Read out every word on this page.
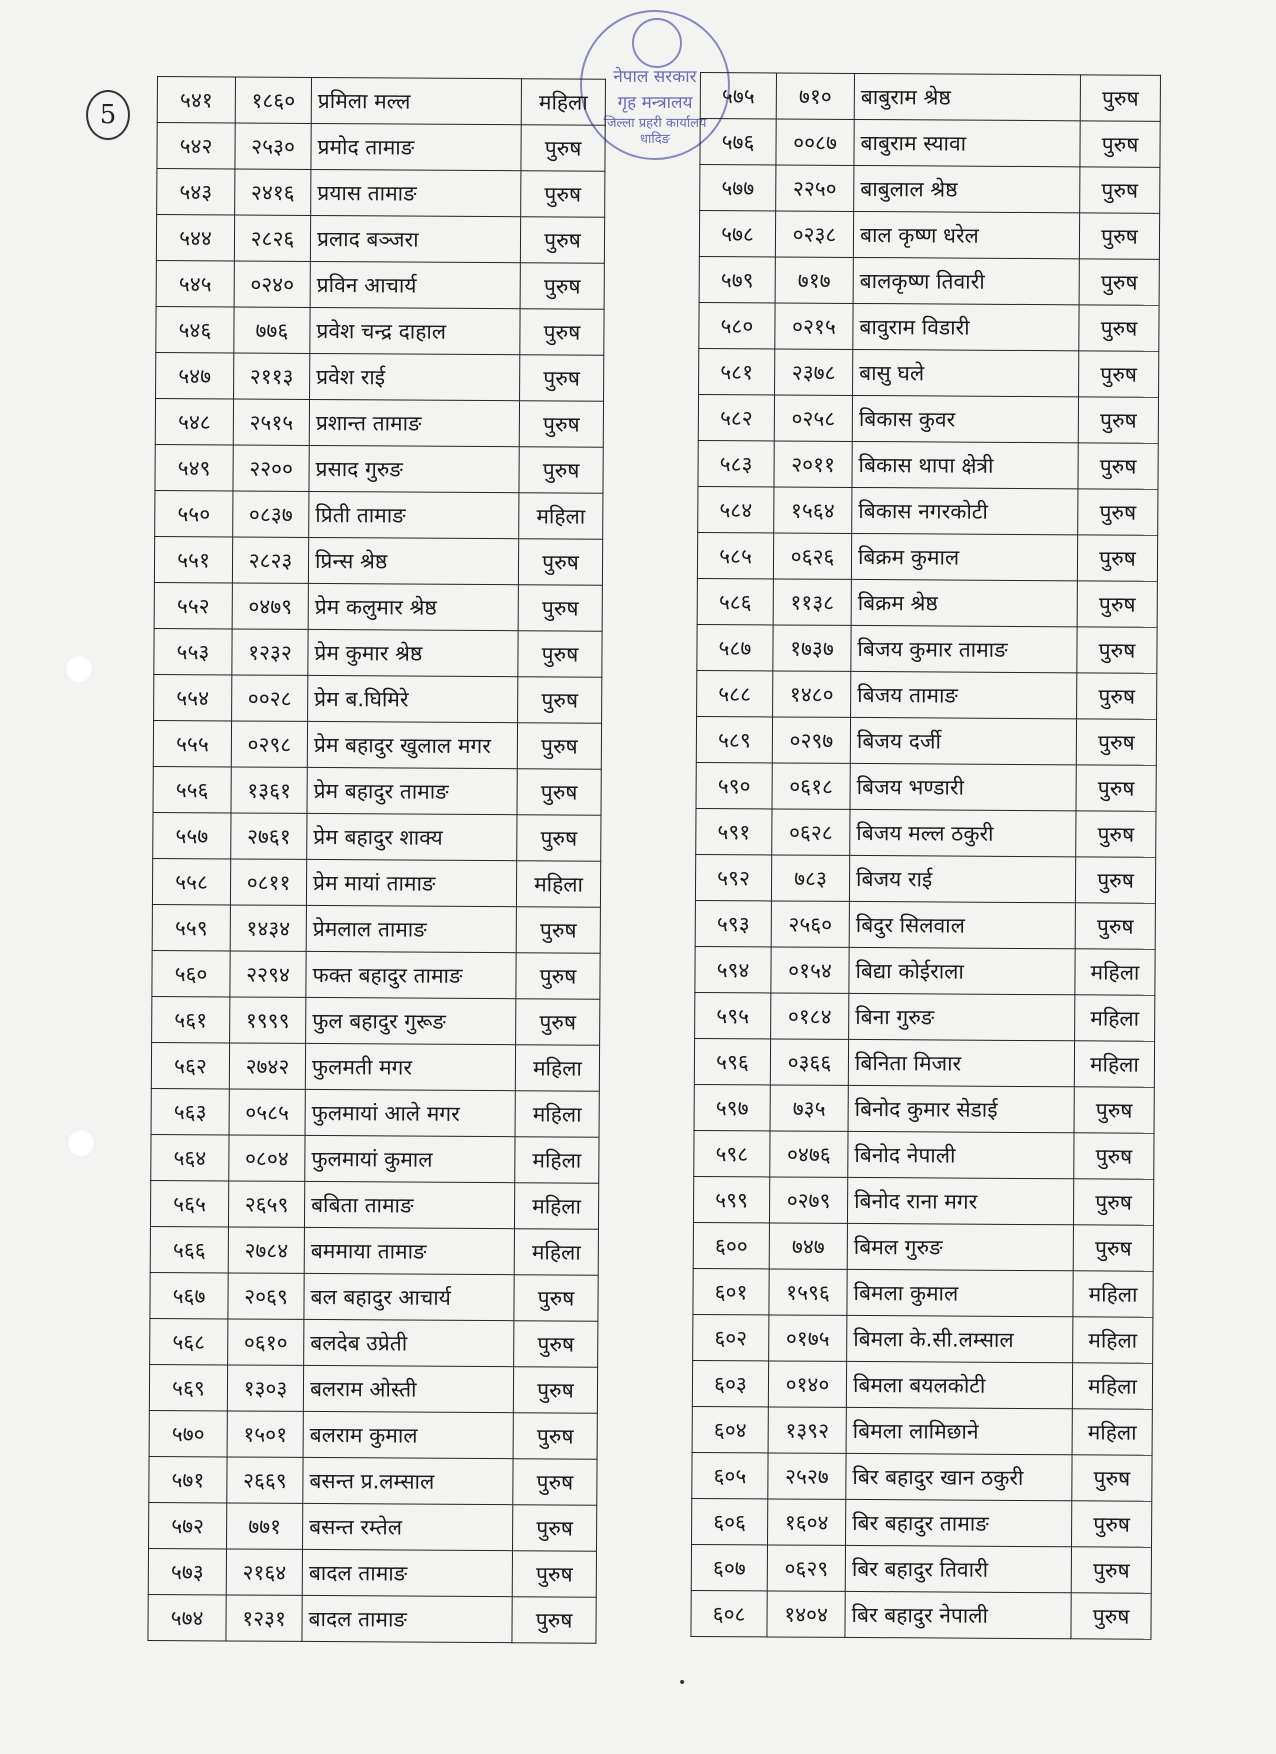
5
नेपाल सरकार
गृह मन्त्रालय
जिल्ला प्रहरी कार्यालय
धादिङ
५४१	१८६०	प्रमिला मल्ल	महिला
५४२	२५३०	प्रमोद तामाङ	पुरुष
५४३	२४१६	प्रयास तामाङ	पुरुष
५४४	२८२६	प्रलाद बञ्जरा	पुरुष
५४५	०२४०	प्रविन आचार्य	पुरुष
५४६	७७६	प्रवेश चन्द्र दाहाल	पुरुष
५४७	२११३	प्रवेश राई	पुरुष
५४८	२५१५	प्रशान्त तामाङ	पुरुष
५४९	२२००	प्रसाद गुरुङ	पुरुष
५५०	०८३७	प्रिती तामाङ	महिला
५५१	२८२३	प्रिन्स श्रेष्ठ	पुरुष
५५२	०४७९	प्रेम कलुमार श्रेष्ठ	पुरुष
५५३	१२३२	प्रेम कुमार श्रेष्ठ	पुरुष
५५४	००२८	प्रेम ब.घिमिरे	पुरुष
५५५	०२९८	प्रेम बहादुर खुलाल मगर	पुरुष
५५६	१३६१	प्रेम बहादुर तामाङ	पुरुष
५५७	२७६१	प्रेम बहादुर शाक्य	पुरुष
५५८	०८११	प्रेम मायां तामाङ	महिला
५५९	१४३४	प्रेमलाल तामाङ	पुरुष
५६०	२२९४	फक्त बहादुर तामाङ	पुरुष
५६१	१९९९	फुल बहादुर गुरूङ	पुरुष
५६२	२७४२	फुलमती मगर	महिला
५६३	०५८५	फुलमायां आले मगर	महिला
५६४	०८०४	फुलमायां कुमाल	महिला
५६५	२६५९	बबिता तामाङ	महिला
५६६	२७८४	बममाया तामाङ	महिला
५६७	२०६९	बल बहादुर आचार्य	पुरुष
५६८	०६१०	बलदेब उप्रेती	पुरुष
५६९	१३०३	बलराम ओस्ती	पुरुष
५७०	१५०१	बलराम कुमाल	पुरुष
५७१	२६६९	बसन्त प्र.लम्साल	पुरुष
५७२	७७१	बसन्त रम्तेल	पुरुष
५७३	२१६४	बादल तामाङ	पुरुष
५७४	१२३१	बादल तामाङ	पुरुष
५७५	७१०	बाबुराम श्रेष्ठ	पुरुष
५७६	००८७	बाबुराम स्यावा	पुरुष
५७७	२२५०	बाबुलाल श्रेष्ठ	पुरुष
५७८	०२३८	बाल कृष्ण धरेल	पुरुष
५७९	७१७	बालकृष्ण तिवारी	पुरुष
५८०	०२१५	बावुराम विडारी	पुरुष
५८१	२३७८	बासु घले	पुरुष
५८२	०२५८	बिकास कुवर	पुरुष
५८३	२०११	बिकास थापा क्षेत्री	पुरुष
५८४	१५६४	बिकास नगरकोटी	पुरुष
५८५	०६२६	बिक्रम कुमाल	पुरुष
५८६	११३८	बिक्रम श्रेष्ठ	पुरुष
५८७	१७३७	बिजय कुमार तामाङ	पुरुष
५८८	१४८०	बिजय तामाङ	पुरुष
५८९	०२९७	बिजय दर्जी	पुरुष
५९०	०६१८	बिजय भण्डारी	पुरुष
५९१	०६२८	बिजय मल्ल ठकुरी	पुरुष
५९२	७८३	बिजय राई	पुरुष
५९३	२५६०	बिदुर सिलवाल	पुरुष
५९४	०१५४	बिद्या कोईराला	महिला
५९५	०१८४	बिना गुरुङ	महिला
५९६	०३६६	बिनिता मिजार	महिला
५९७	७३५	बिनोद कुमार सेडाई	पुरुष
५९८	०४७६	बिनोद नेपाली	पुरुष
५९९	०२७९	बिनोद राना मगर	पुरुष
६००	७४७	बिमल गुरुङ	पुरुष
६०१	१५९६	बिमला कुमाल	महिला
६०२	०१७५	बिमला के.सी.लम्साल	महिला
६०३	०१४०	बिमला बयलकोटी	महिला
६०४	१३९२	बिमला लामिछाने	महिला
६०५	२५२७	बिर बहादुर खान ठकुरी	पुरुष
६०६	१६०४	बिर बहादुर तामाङ	पुरुष
६०७	०६२९	बिर बहादुर तिवारी	पुरुष
६०८	१४०४	बिर बहादुर नेपाली	पुरुष
•
